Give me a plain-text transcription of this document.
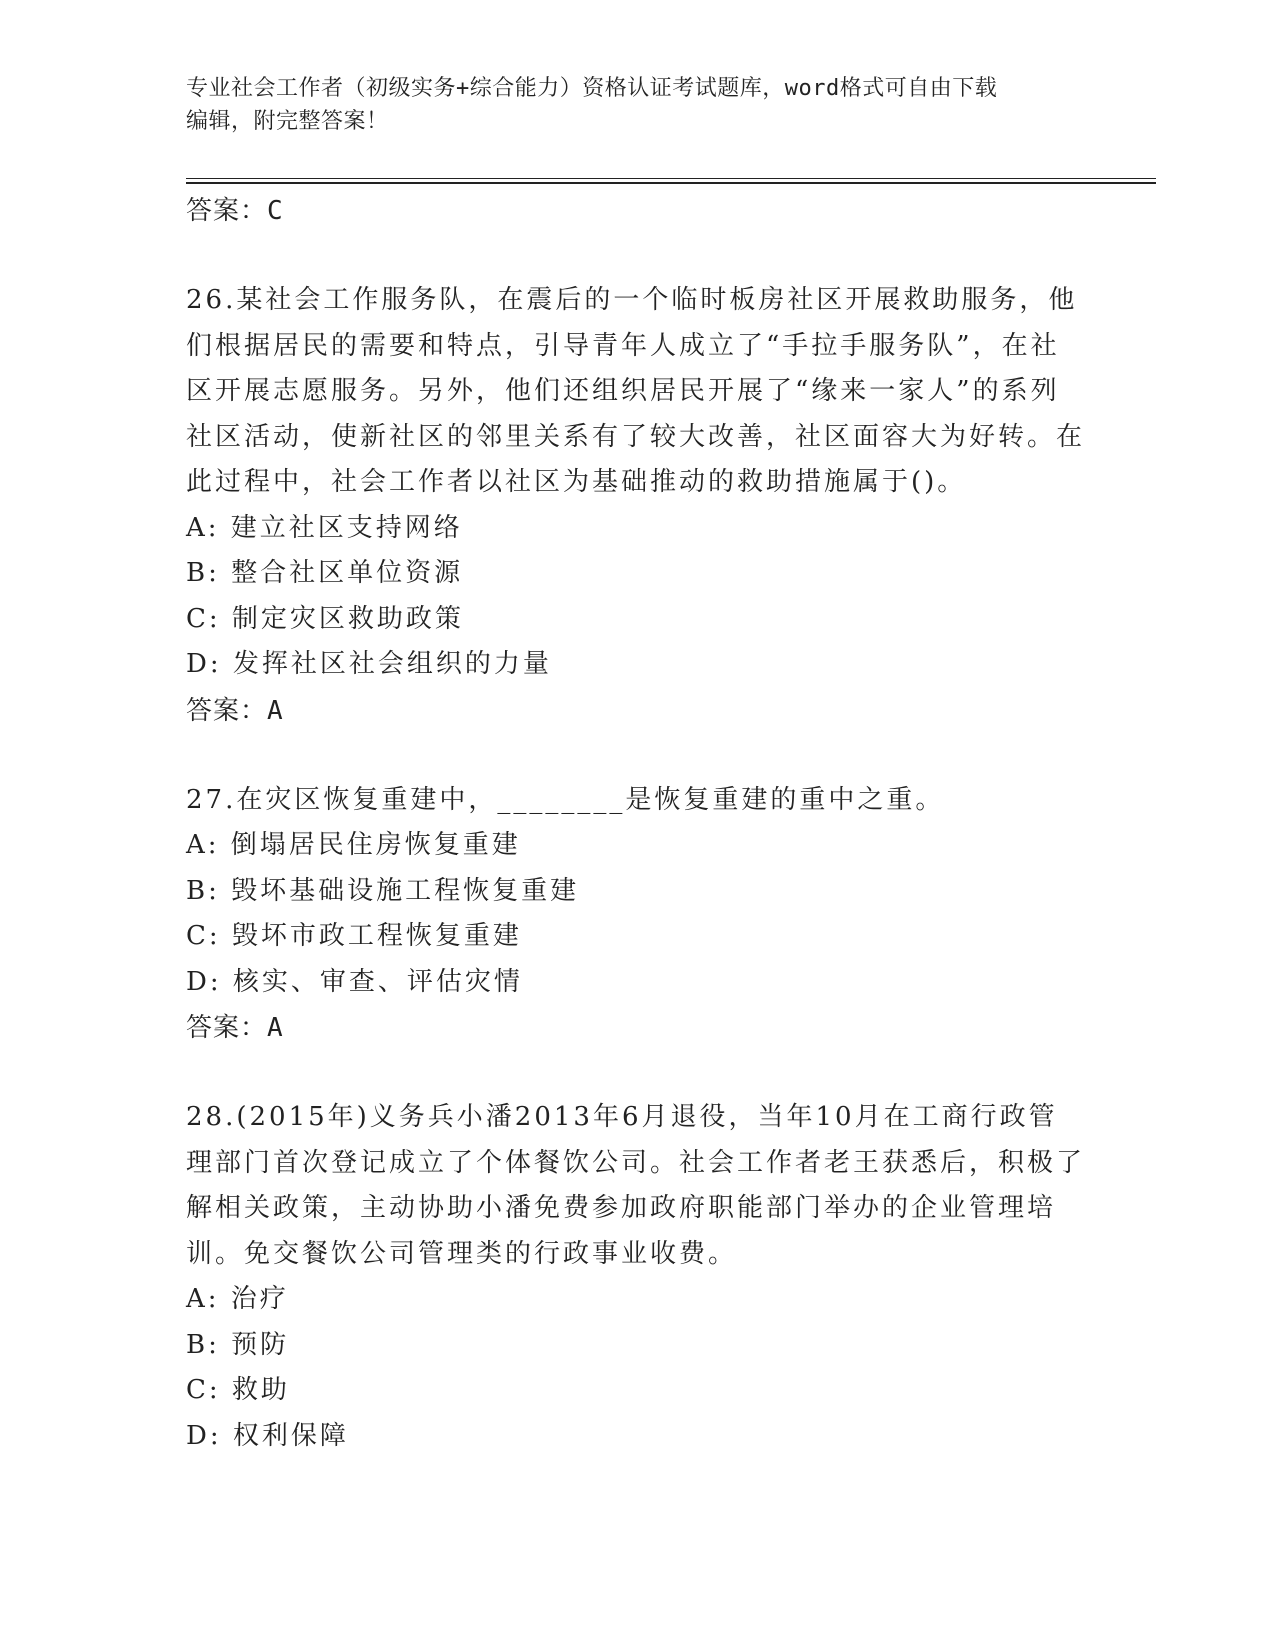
专业社会工作者（初级实务+综合能力）资格认证考试题库，word格式可自由下载
编辑，附完整答案！
答案：C
26.某社会工作服务队，在震后的一个临时板房社区开展救助服务，他们根据居民的需要和特点，引导青年人成立了“手拉手服务队”，在社区开展志愿服务。另外，他们还组织居民开展了“缘来一家人”的系列社区活动，使新社区的邻里关系有了较大改善，社区面容大为好转。在此过程中，社会工作者以社区为基础推动的救助措施属于()。
A: 建立社区支持网络
B: 整合社区单位资源
C: 制定灾区救助政策
D: 发挥社区社会组织的力量
答案：A
27.在灾区恢复重建中，________是恢复重建的重中之重。
A: 倒塌居民住房恢复重建
B: 毁坏基础设施工程恢复重建
C: 毁坏市政工程恢复重建
D: 核实、审查、评估灾情
答案：A
28.(2015年)义务兵小潘2013年6月退役，当年10月在工商行政管理部门首次登记成立了个体餐饮公司。社会工作者老王获悉后，积极了解相关政策，主动协助小潘免费参加政府职能部门举办的企业管理培训。免交餐饮公司管理类的行政事业收费。
A: 治疗
B: 预防
C: 救助
D: 权利保障
